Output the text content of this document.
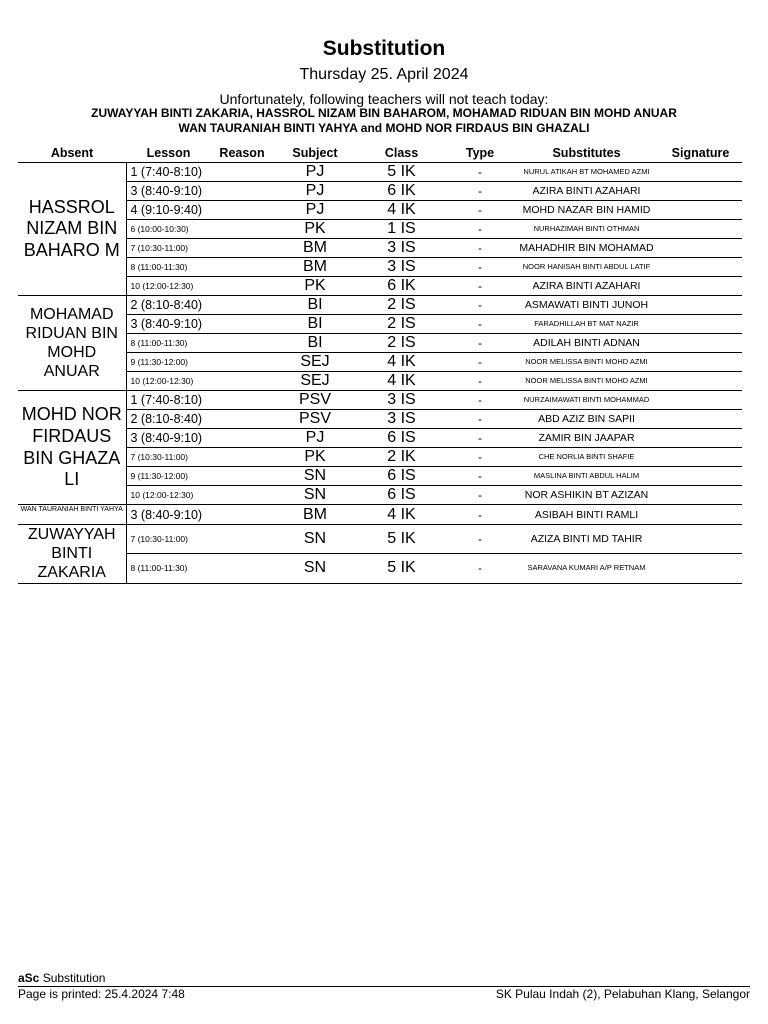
Substitution
Thursday 25. April 2024
Unfortunately, following teachers will not teach today:
ZUWAYYAH BINTI ZAKARIA, HASSROL NIZAM BIN BAHAROM, MOHAMAD RIDUAN BIN MOHD ANUAR
WAN TAURANIAH BINTI YAHYA and MOHD NOR FIRDAUS BIN GHAZALI
Absent	Lesson	Reason	Subject	Class	Type	Substitutes	Signature
HASSROL NIZAM BIN BAHARO M	1 (7:40-8:10)		PJ	5 IK	-	NURUL ATIKAH BT MOHAMED AZMI	
	3 (8:40-9:10)		PJ	6 IK	-	AZIRA BINTI AZAHARI	
	4 (9:10-9:40)		PJ	4 IK	-	MOHD NAZAR BIN HAMID	
	6 (10:00-10:30)		PK	1 IS	-	NURHAZIMAH BINTI OTHMAN	
	7 (10:30-11:00)		BM	3 IS	-	MAHADHIR BIN MOHAMAD	
	8 (11:00-11:30)		BM	3 IS	-	NOOR HANISAH BINTI ABDUL LATIF	
	10 (12:00-12:30)		PK	6 IK	-	AZIRA BINTI AZAHARI	
MOHAMAD RIDUAN BIN MOHD ANUAR	2 (8:10-8:40)		BI	2 IS	-	ASMAWATI BINTI JUNOH	
	3 (8:40-9:10)		BI	2 IS	-	FARADHILLAH BT MAT NAZIR	
	8 (11:00-11:30)		BI	2 IS	-	ADILAH BINTI ADNAN	
	9 (11:30-12:00)		SEJ	4 IK	-	NOOR MELISSA BINTI MOHD AZMI	
	10 (12:00-12:30)		SEJ	4 IK	-	NOOR MELISSA BINTI MOHD AZMI	
MOHD NOR FIRDAUS BIN GHAZA LI	1 (7:40-8:10)		PSV	3 IS	-	NURZAIMAWATI BINTI MOHAMMAD	
	2 (8:10-8:40)		PSV	3 IS	-	ABD AZIZ BIN SAPII	
	3 (8:40-9:10)		PJ	6 IS	-	ZAMIR BIN JAAPAR	
	7 (10:30-11:00)		PK	2 IK	-	CHE NORLIA BINTI SHAFIE	
	9 (11:30-12:00)		SN	6 IS	-	MASLINA BINTI ABDUL HALIM	
	10 (12:00-12:30)		SN	6 IS	-	NOR ASHIKIN BT AZIZAN	
WAN TAURANIAH BINTI YAHYA	3 (8:40-9:10)		BM	4 IK	-	ASIBAH BINTI RAMLI	
ZUWAYYAH BINTI ZAKARIA	7 (10:30-11:00)		SN	5 IK	-	AZIZA BINTI MD TAHIR	
	8 (11:00-11:30)		SN	5 IK	-	SARAVANA KUMARI A/P RETNAM	
aSc Substitution
Page is printed: 25.4.2024 7:48	SK Pulau Indah (2), Pelabuhan Klang, Selangor
